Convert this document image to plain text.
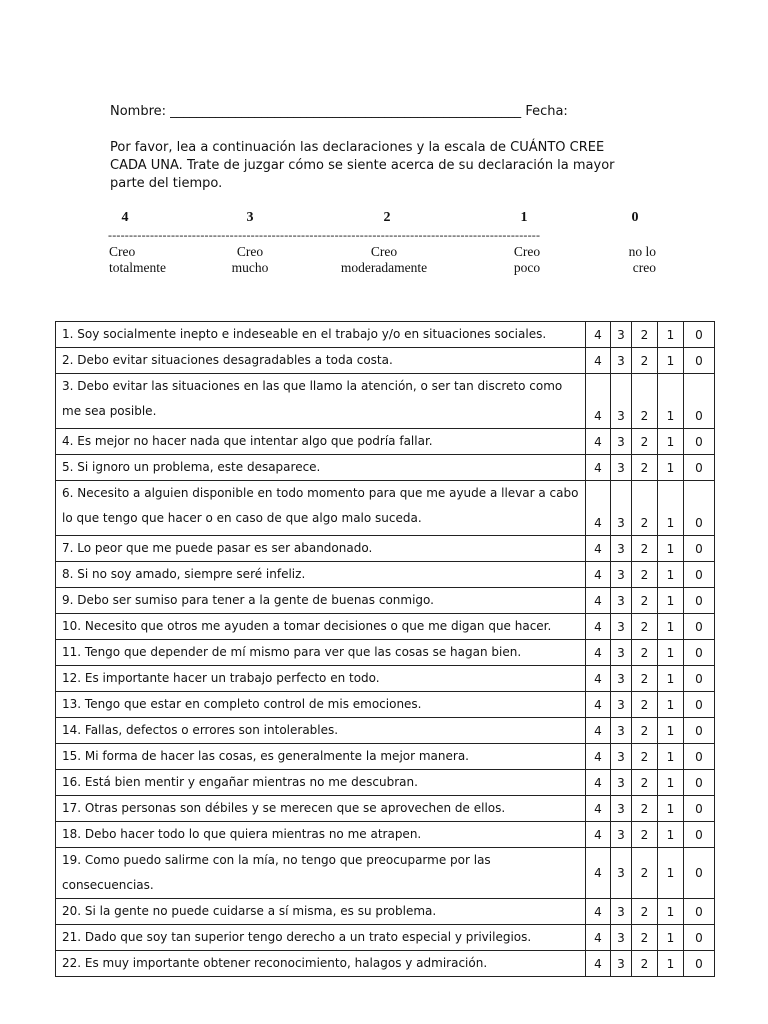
Nombre: ______________________________________________________ Fecha:
Por favor, lea a continuación las declaraciones y la escala de CUÁNTO CREE CADA UNA. Trate de juzgar cómo se siente acerca de su declaración la mayor parte del tiempo.
4	3	2	1	0
-------------------------------------------------------------------------------------------------------
Creo
totalmente
Creo
mucho
Creo
moderadamente
Creo
poco
no lo
creo
1. Soy socialmente inepto e indeseable en el trabajo y/o en situaciones sociales.	4	3	2	1	0
2. Debo evitar situaciones desagradables a toda costa.	4	3	2	1	0
3. Debo evitar las situaciones en las que llamo la atención, o ser tan discreto como me sea posible.	4	3	2	1	0
4. Es mejor no hacer nada que intentar algo que podría fallar.	4	3	2	1	0
5. Si ignoro un problema, este desaparece.	4	3	2	1	0
6. Necesito a alguien disponible en todo momento para que me ayude a llevar a cabo lo que tengo que hacer o en caso de que algo malo suceda.	4	3	2	1	0
7. Lo peor que me puede pasar es ser abandonado.	4	3	2	1	0
8. Si no soy amado, siempre seré infeliz.	4	3	2	1	0
9. Debo ser sumiso para tener a la gente de buenas conmigo.	4	3	2	1	0
10. Necesito que otros me ayuden a tomar decisiones o que me digan que hacer.	4	3	2	1	0
11. Tengo que depender de mí mismo para ver que las cosas se hagan bien.	4	3	2	1	0
12. Es importante hacer un trabajo perfecto en todo.	4	3	2	1	0
13. Tengo que estar en completo control de mis emociones.	4	3	2	1	0
14. Fallas, defectos o errores son intolerables.	4	3	2	1	0
15. Mi forma de hacer las cosas, es generalmente la mejor manera.	4	3	2	1	0
16. Está bien mentir y engañar mientras no me descubran.	4	3	2	1	0
17. Otras personas son débiles y se merecen que se aprovechen de ellos.	4	3	2	1	0
18. Debo hacer todo lo que quiera mientras no me atrapen.	4	3	2	1	0
19. Como puedo salirme con la mía, no tengo que preocuparme por las consecuencias.	4	3	2	1	0
20. Si la gente no puede cuidarse a sí misma, es su problema.	4	3	2	1	0
21. Dado que soy tan superior tengo derecho a un trato especial y privilegios.	4	3	2	1	0
22. Es muy importante obtener reconocimiento, halagos y admiración.	4	3	2	1	0
